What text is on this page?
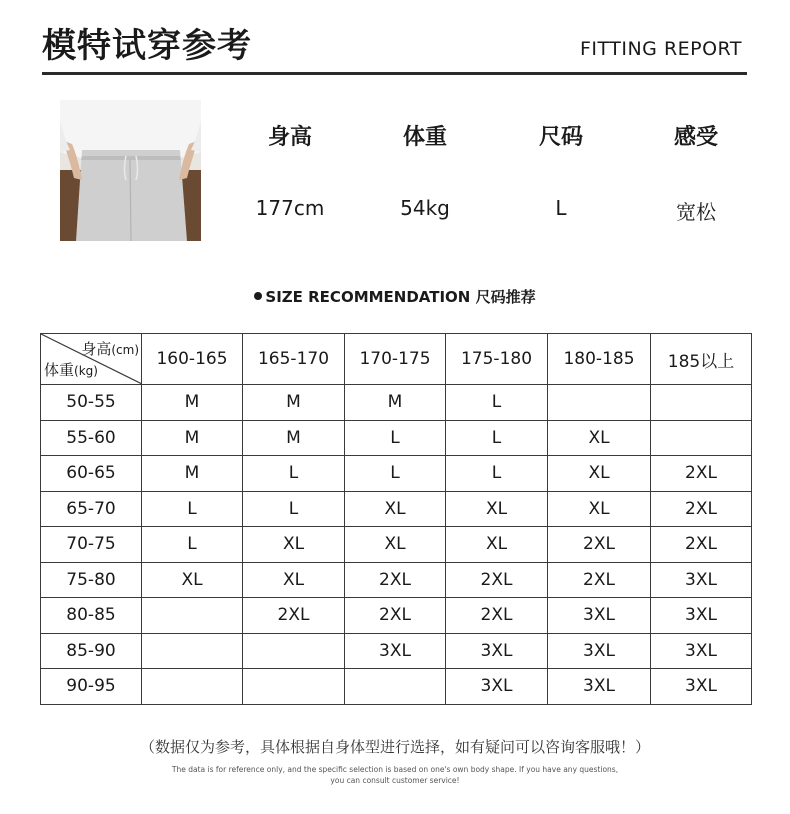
模特试穿参考	FITTING REPORT
身高	体重	尺码	感受
177cm	54kg	L	宽松
SIZE RECOMMENDATION 尺码推荐
身高(cm)
体重(kg)	160-165	165-170	170-175	175-180	180-185	185以上
50-55	M	M	M	L		
55-60	M	M	L	L	XL	
60-65	M	L	L	L	XL	2XL
65-70	L	L	XL	XL	XL	2XL
70-75	L	XL	XL	XL	2XL	2XL
75-80	XL	XL	2XL	2XL	2XL	3XL
80-85		2XL	2XL	2XL	3XL	3XL
85-90			3XL	3XL	3XL	3XL
90-95				3XL	3XL	3XL
（数据仅为参考，具体根据自身体型进行选择，如有疑问可以咨询客服哦！）
The data is for reference only, and the specific selection is based on one's own body shape. If you have any questions,
you can consult customer service!
